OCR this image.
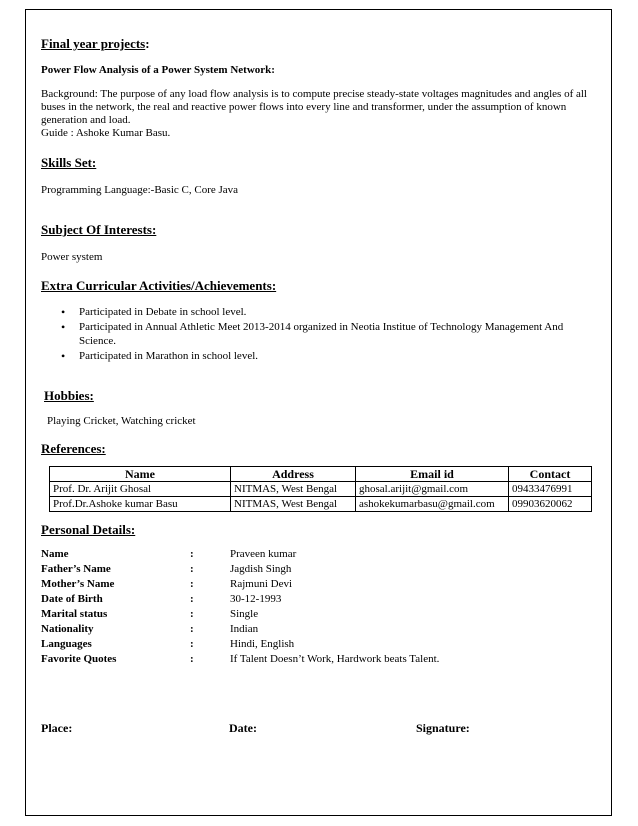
Final year projects:
Power Flow Analysis of a Power System Network:
Background: The purpose of any load flow analysis is to compute precise steady-state voltages magnitudes and angles of all buses in the network, the real and reactive power flows into every line and transformer, under the assumption of known generation and load.
Guide : Ashoke Kumar Basu.
Skills Set:
Programming Language:-Basic C, Core Java
Subject Of Interests:
Power system
Extra Curricular Activities/Achievements:
• Participated in Debate in school level.
• Participated in Annual Athletic Meet 2013-2014 organized in Neotia Institue of Technology Management And Science.
• Participated in Marathon in school level.
Hobbies:
Playing Cricket, Watching cricket
References:
Name	Address	Email id	Contact
Prof. Dr. Arijit Ghosal	NITMAS, West Bengal	ghosal.arijit@gmail.com	09433476991
Prof.Dr.Ashoke kumar Basu	NITMAS, West Bengal	ashokekumarbasu@gmail.com	09903620062
Personal Details:
Name	:	Praveen kumar
Father’s Name	:	Jagdish Singh
Mother’s Name	:	Rajmuni Devi
Date of Birth	:	30-12-1993
Marital status	:	Single
Nationality	:	Indian
Languages	:	Hindi, English
Favorite Quotes	:	If Talent Doesn’t Work, Hardwork beats Talent.
Place:	Date:	Signature:
